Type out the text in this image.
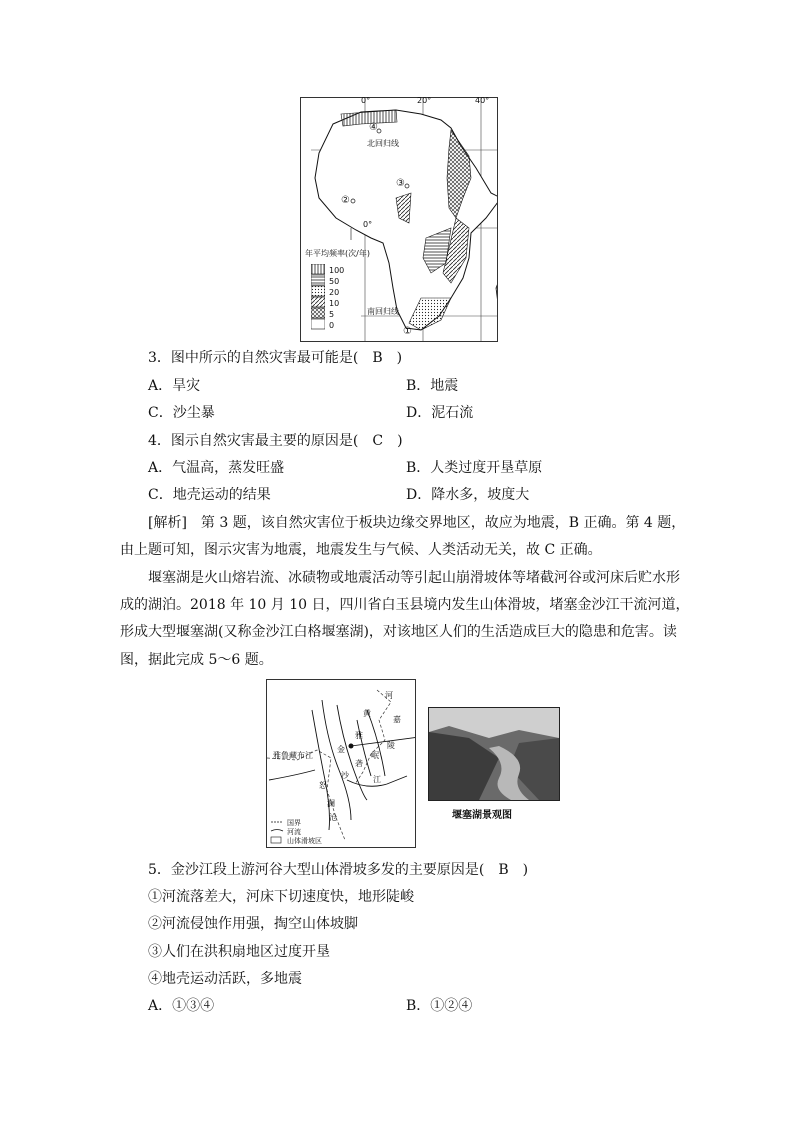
0°	20°	40°
④
北回归线
③
②
0°
年平均频率(次/年)
100
50
20
10
5
0
南回归线
①
3．图中所示的自然灾害最可能是(　B　)
A．旱灾	B．地震
C．沙尘暴	D．泥石流
4．图示自然灾害最主要的原因是(　C　)
A．气温高，蒸发旺盛	B．人类过度开垦草原
C．地壳运动的结果	D．降水多，坡度大
[解析]　第 3 题，该自然灾害位于板块边缘交界地区，故应为地震，B 正确。第 4 题，
由上题可知，图示灾害为地震，地震发生与气候、人类活动无关，故 C 正确。
堰塞湖是火山熔岩流、冰碛物或地震活动等引起山崩滑坡体等堵截河谷或河床后贮水形
成的湖泊。2018 年 10 月 10 日，四川省白玉县境内发生山体滑坡，堵塞金沙江干流河道，
形成大型堰塞湖(又称金沙江白格堰塞湖)，对该地区人们的生活造成巨大的隐患和危害。读
图，据此完成 5～6 题。
黄
河
嘉
陵
岷
江
雅
砻
金
沙
澜
沧
怒
雅鲁藏布江
国界
河流
山体滑坡区
堰塞湖景观图
5．金沙江段上游河谷大型山体滑坡多发的主要原因是(　B　)
①河流落差大，河床下切速度快，地形陡峻
②河流侵蚀作用强，掏空山体坡脚
③人们在洪积扇地区过度开垦
④地壳运动活跃，多地震
A．①③④	B．①②④
